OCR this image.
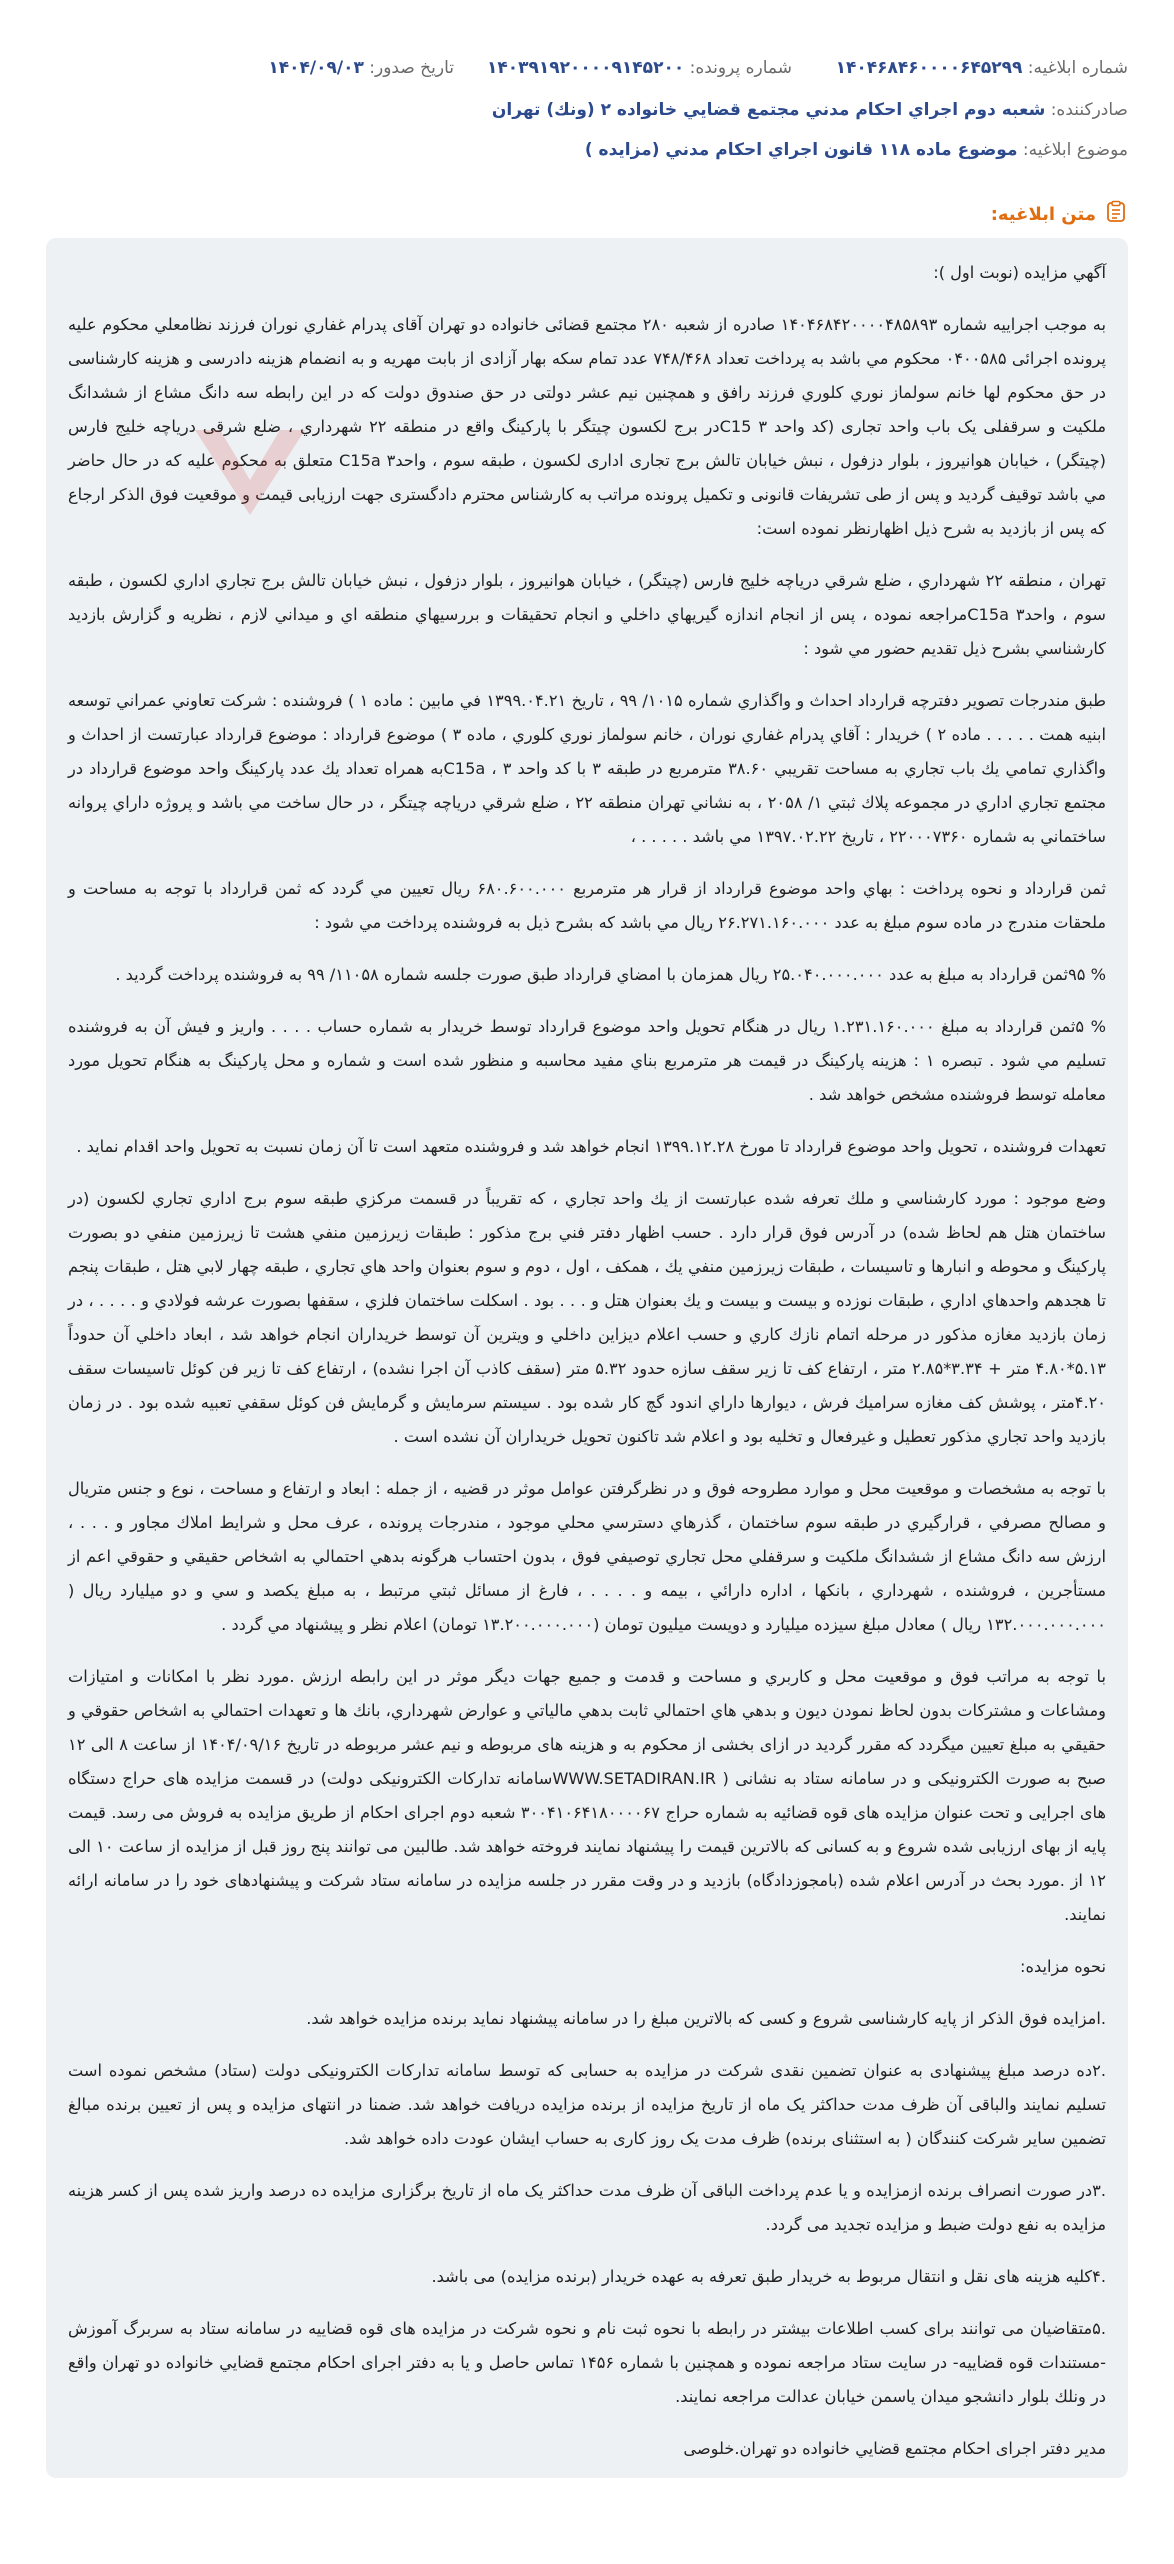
شماره ابلاغیه: ۱۴۰۴۶۸۴۶۰۰۰۰۶۴۵۲۹۹
شماره پرونده: ۱۴۰۳۹۱۹۲۰۰۰۰۹۱۴۵۲۰۰
تاریخ صدور: ۱۴۰۴/۰۹/۰۳
صادرکننده: شعبه دوم اجراي احكام مدني مجتمع قضايي خانواده ۲ (ونك) تهران
موضوع ابلاغیه: موضوع ماده ۱۱۸ قانون اجراي احكام مدني (مزايده )
متن ابلاغیه:

آگهي مزايده (نوبت اول ):

به موجب اجراييه شماره ۱۴۰۴۶۸۴۲۰۰۰۰۴۸۵۸۹۳ صادره از شعبه ۲۸۰ مجتمع قضائی خانواده دو تهران آقای پدرام غفاري نوران فرزند نظامعلي محكوم عليه پرونده اجرائی ۰۴۰۰۵۸۵ محكوم مي باشد به پرداخت تعداد ۷۴۸/۴۶۸ عدد تمام سكه بهار آزادی از بابت مهريه و به انضمام هزينه دادرسی و هزينه كارشناسی در حق محكوم لها خانم سولماز نوري كلوري فرزند رافق و همچنين نيم عشر دولتی در حق صندوق دولت كه در اين رابطه سه دانگ مشاع از ششدانگ ملكيت و سرقفلی يک باب واحد تجاری (كد واحد ۳ C15در برج لكسون چيتگر با پاركينگ واقع در منطقه ۲۲ شهرداري ، ضلع شرقی درياچه خليج فارس (چيتگر) ، خيابان هوانيروز ، بلوار دزفول ، نبش خيابان تالش برج تجاری اداری لكسون ، طبقه سوم ، واحد۳ C15a متعلق به محكوم عليه كه در حال حاضر مي باشد توقيف گرديد و پس از طی تشريفات قانونی و تكميل پرونده مراتب به كارشناس محترم دادگستری جهت ارزيابی قيمت و موقعيت فوق الذكر ارجاع كه پس از بازديد به شرح ذيل اظهارنظر نموده است:

تهران ، منطقه ۲۲ شهرداري ، ضلع شرقي درياچه خليج فارس (چيتگر) ، خيابان هوانيروز ، بلوار دزفول ، نبش خيابان تالش برج تجاري اداري لكسون ، طبقه سوم ، واحد۳ C15aمراجعه نموده ، پس از انجام اندازه گيريهاي داخلي و انجام تحقيقات و بررسيهاي منطقه اي و ميداني لازم ، نظريه و گزارش بازديد كارشناسي بشرح ذيل تقديم حضور مي شود :

طبق مندرجات تصوير دفترچه قرارداد احداث و واگذاري شماره ۱۰۱۵/ ۹۹ ، تاريخ ۱۳۹۹.۰۴.۲۱ في مابين : ماده ۱ ) فروشنده : شركت تعاوني عمراني توسعه ابنيه همت . . . . . ماده ۲ ) خريدار : آقاي پدرام غفاري نوران ، خانم سولماز نوري كلوري ، ماده ۳ ) موضوع قرارداد : موضوع قرارداد عبارتست از احداث و واگذاري تمامي يك باب تجاري به مساحت تقريبي ۳۸.۶۰ مترمربع در طبقه ۳ با كد واحد ۳ ، C15aبه همراه تعداد يك عدد پاركينگ واحد موضوع قرارداد در مجتمع تجاري اداري در مجموعه پلاك ثبتي ۱/ ۲۰۵۸ ، به نشاني تهران منطقه ۲۲ ، ضلع شرقي درياچه چيتگر ، در حال ساخت مي باشد و پروژه داراي پروانه ساختماني به شماره ۲۲۰۰۰۷۳۶۰ ، تاريخ ۱۳۹۷.۰۲.۲۲ مي باشد . . . . . ،

ثمن قرارداد و نحوه پرداخت : بهاي واحد موضوع قرارداد از قرار هر مترمربع ۶۸۰.۶۰۰.۰۰۰ ريال تعيين مي گردد كه ثمن قرارداد با توجه به مساحت و ملحقات مندرج در ماده سوم مبلغ به عدد ۲۶.۲۷۱.۱۶۰.۰۰۰ ريال مي باشد كه بشرح ذيل به فروشنده پرداخت مي شود :

% ۹۵ثمن قرارداد به مبلغ به عدد ۲۵.۰۴۰.۰۰۰.۰۰۰ ريال همزمان با امضاي قرارداد طبق صورت جلسه شماره ۱۱۰۵۸/ ۹۹ به فروشنده پرداخت گرديد .

% ۵ثمن قرارداد به مبلغ ۱.۲۳۱.۱۶۰.۰۰۰ ريال در هنگام تحويل واحد موضوع قرارداد توسط خريدار به شماره حساب . . . . واريز و فيش آن به فروشنده تسليم مي شود . تبصره ۱ : هزينه پاركينگ در قيمت هر مترمربع بناي مفيد محاسبه و منظور شده است و شماره و محل پاركينگ به هنگام تحويل مورد معامله توسط فروشنده مشخص خواهد شد .

تعهدات فروشنده ، تحويل واحد موضوع قرارداد تا مورخ ۱۳۹۹.۱۲.۲۸ انجام خواهد شد و فروشنده متعهد است تا آن زمان نسبت به تحويل واحد اقدام نمايد .

وضع موجود : مورد كارشناسي و ملك تعرفه شده عبارتست از يك واحد تجاري ، كه تقريباً در قسمت مركزي طبقه سوم برج اداري تجاري لكسون (در ساختمان هتل هم لحاظ شده) در آدرس فوق قرار دارد . حسب اظهار دفتر فني برج مذكور : طبقات زيرزمين منفي هشت تا زيرزمين منفي دو بصورت پاركينگ و محوطه و انبارها و تاسيسات ، طبقات زيرزمين منفي يك ، همكف ، اول ، دوم و سوم بعنوان واحد هاي تجاري ، طبقه چهار لابي هتل ، طبقات پنجم تا هجدهم واحدهاي اداري ، طبقات نوزده و بيست و بيست و يك بعنوان هتل و . . . بود . اسكلت ساختمان فلزي ، سقفها بصورت عرشه فولادي و . . . . ، در زمان بازديد مغازه مذكور در مرحله اتمام نازك كاري و حسب اعلام ديزاين داخلي و ويترين آن توسط خريداران انجام خواهد شد ، ابعاد داخلي آن حدوداً ۵.۱۳*۴.۸۰ متر + ۳.۳۴*۲.۸۵ متر ، ارتفاع كف تا زير سقف سازه حدود ۵.۳۲ متر (سقف كاذب آن اجرا نشده) ، ارتفاع كف تا زير فن كوئل تاسيسات سقف ۴.۲۰متر ، پوشش كف مغازه سراميك فرش ، ديوارها داراي اندود گچ كار شده بود . سيستم سرمايش و گرمايش فن كوئل سقفي تعبيه شده بود . در زمان بازديد واحد تجاري مذكور تعطيل و غيرفعال و تخليه بود و اعلام شد تاكنون تحويل خريداران آن نشده است .

با توجه به مشخصات و موقعيت محل و موارد مطروحه فوق و در نظرگرفتن عوامل موثر در قضيه ، از جمله : ابعاد و ارتفاع و مساحت ، نوع و جنس متريال و مصالح مصرفي ، قرارگيري در طبقه سوم ساختمان ، گذرهاي دسترسي محلي موجود ، مندرجات پرونده ، عرف محل و شرايط املاك مجاور و . . . ، ارزش سه دانگ مشاع از ششدانگ ملكيت و سرقفلي محل تجاري توصيفي فوق ، بدون احتساب هرگونه بدهي احتمالي به اشخاص حقيقي و حقوقي اعم از مستأجرين ، فروشنده ، شهرداري ، بانكها ، اداره دارائي ، بيمه و . . . . ، فارغ از مسائل ثبتي مرتبط ، به مبلغ يكصد و سي و دو ميليارد ريال ( ۱۳۲.۰۰۰.۰۰۰.۰۰۰ ريال ) معادل مبلغ سيزده ميليارد و دويست ميليون تومان (۱۳.۲۰۰.۰۰۰.۰۰۰ تومان) اعلام نظر و پيشنهاد مي گردد .

با توجه به مراتب فوق و موقعيت محل و كاربري و مساحت و قدمت و جميع جهات ديگر موثر در اين رابطه ارزش .مورد نظر با امكانات و امتيازات ومشاعات و مشتركات بدون لحاظ نمودن ديون و بدهي هاي احتمالي ثابت بدهي مالياتي و عوارض شهرداري، بانك ها و تعهدات احتمالي به اشخاص حقوقي و حقيقي به مبلغ تعيين ميگردد كه مقرر گرديد در ازای بخشی از محكوم به و هزينه های مربوطه و نيم عشر مربوطه در تاريخ ۱۴۰۴/۰۹/۱۶ از ساعت ۸ الی ۱۲ صبح به صورت الكترونيكی و در سامانه ستاد به نشانی ( WWW.SETADIRAN.IRسامانه تداركات الكترونيكی دولت) در قسمت مزايده های حراج دستگاه های اجرايی و تحت عنوان مزايده های قوه قضائيه به شماره حراج ۳۰۰۴۱۰۶۴۱۸۰۰۰۰۶۷ شعبه دوم اجرای احكام از طريق مزايده به فروش می رسد. قيمت پايه از بهای ارزيابی شده شروع و به كسانی كه بالاترين قيمت را پيشنهاد نمايند فروخته خواهد شد. طالبين می توانند پنج روز قبل از مزايده از ساعت ۱۰ الی ۱۲ از .مورد بحث در آدرس اعلام شده (بامجوزدادگاه) بازديد و در وقت مقرر در جلسه مزايده در سامانه ستاد شركت و پيشنهادهای خود را در سامانه ارائه نمايند.

نحوه مزايده:

.امزايده فوق الذكر از پايه كارشناسی شروع و كسی كه بالاترين مبلغ را در سامانه پيشنهاد نمايد برنده مزايده خواهد شد.

.۲ده درصد مبلغ پيشنهادی به عنوان تضمين نقدی شركت در مزايده به حسابی كه توسط سامانه تداركات الكترونيكی دولت (ستاد) مشخص نموده است تسليم نمايند والباقی آن ظرف مدت حداكثر يک ماه از تاريخ مزايده از برنده مزايده دريافت خواهد شد. ضمنا در انتهای مزايده و پس از تعيين برنده مبالغ تضمين ساير شركت كنندگان ( به استثنای برنده) ظرف مدت يک روز كاری به حساب ايشان عودت داده خواهد شد.

.۳در صورت انصراف برنده ازمزايده و يا عدم پرداخت الباقی آن ظرف مدت حداكثر يک ماه از تاريخ برگزاری مزايده ده درصد واريز شده پس از كسر هزينه مزايده به نفع دولت ضبط و مزايده تجديد می گردد.

.۴كليه هزينه های نقل و انتقال مربوط به خريدار طبق تعرفه به عهده خريدار (برنده مزايده) می باشد.

.۵متقاضيان می توانند برای كسب اطلاعات بيشتر در رابطه با نحوه ثبت نام و نحوه شركت در مزايده های قوه قضاييه در سامانه ستاد به سربرگ آموزش -مستندات قوه قضاييه- در سايت ستاد مراجعه نموده و همچنين با شماره ۱۴۵۶ تماس حاصل و يا به دفتر اجرای احكام مجتمع قضايي خانواده دو تهران واقع در ونلك بلوار دانشجو ميدان ياسمن خيابان عدالت مراجعه نمايند.

مدير دفتر اجرای احكام مجتمع قضايي خانواده دو تهران.خلوصی
